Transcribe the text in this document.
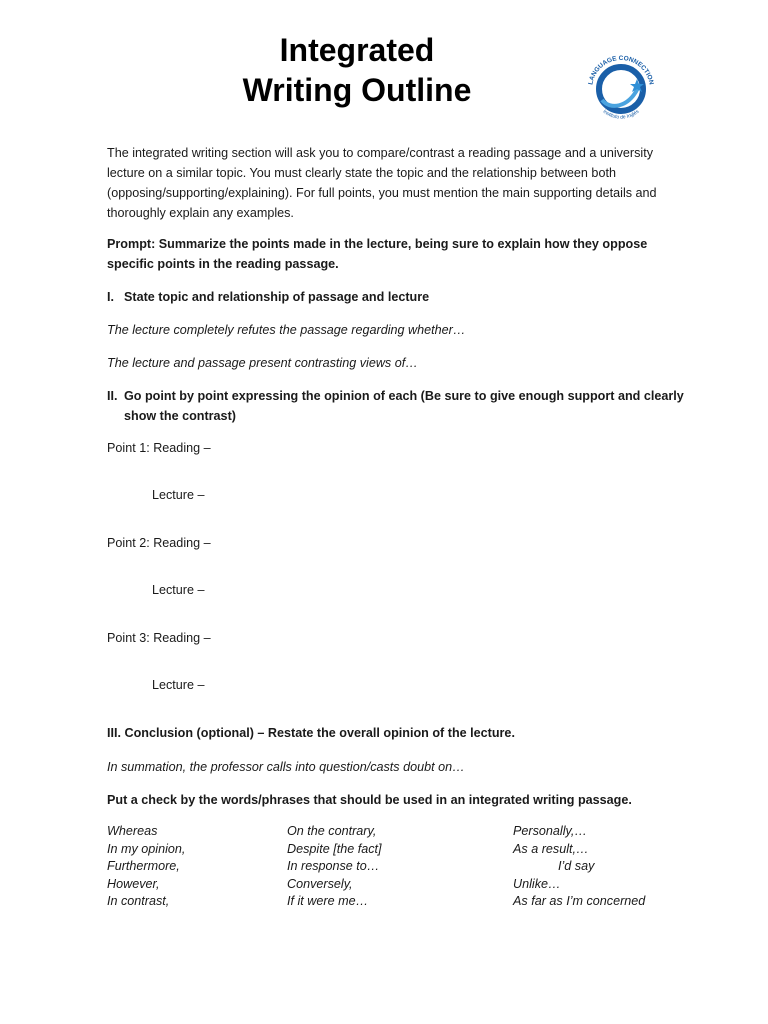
Integrated
Writing Outline	LANGUAGE CONNECTION
Instituto de Inglés
The integrated writing section will ask you to compare/contrast a reading passage and a university lecture on a similar topic. You must clearly state the topic and the relationship between both (opposing/supporting/explaining). For full points, you must mention the main supporting details and thoroughly explain any examples.
Prompt: Summarize the points made in the lecture, being sure to explain how they oppose specific points in the reading passage.
I. State topic and relationship of passage and lecture
The lecture completely refutes the passage regarding whether…
The lecture and passage present contrasting views of…
II. Go point by point expressing the opinion of each (Be sure to give enough support and clearly
show the contrast)
Point 1: Reading –
Lecture –
Point 2: Reading –
Lecture –
Point 3: Reading –
Lecture –
III. Conclusion (optional) – Restate the overall opinion of the lecture.
In summation, the professor calls into question/casts doubt on…
Put a check by the words/phrases that should be used in an integrated writing passage.
Whereas
In my opinion,
Furthermore,
However,
In contrast,
On the contrary,
Despite [the fact]
In response to…
Conversely,
If it were me…
Personally,…
As a result,…
I’d say
Unlike…
As far as I’m concerned
